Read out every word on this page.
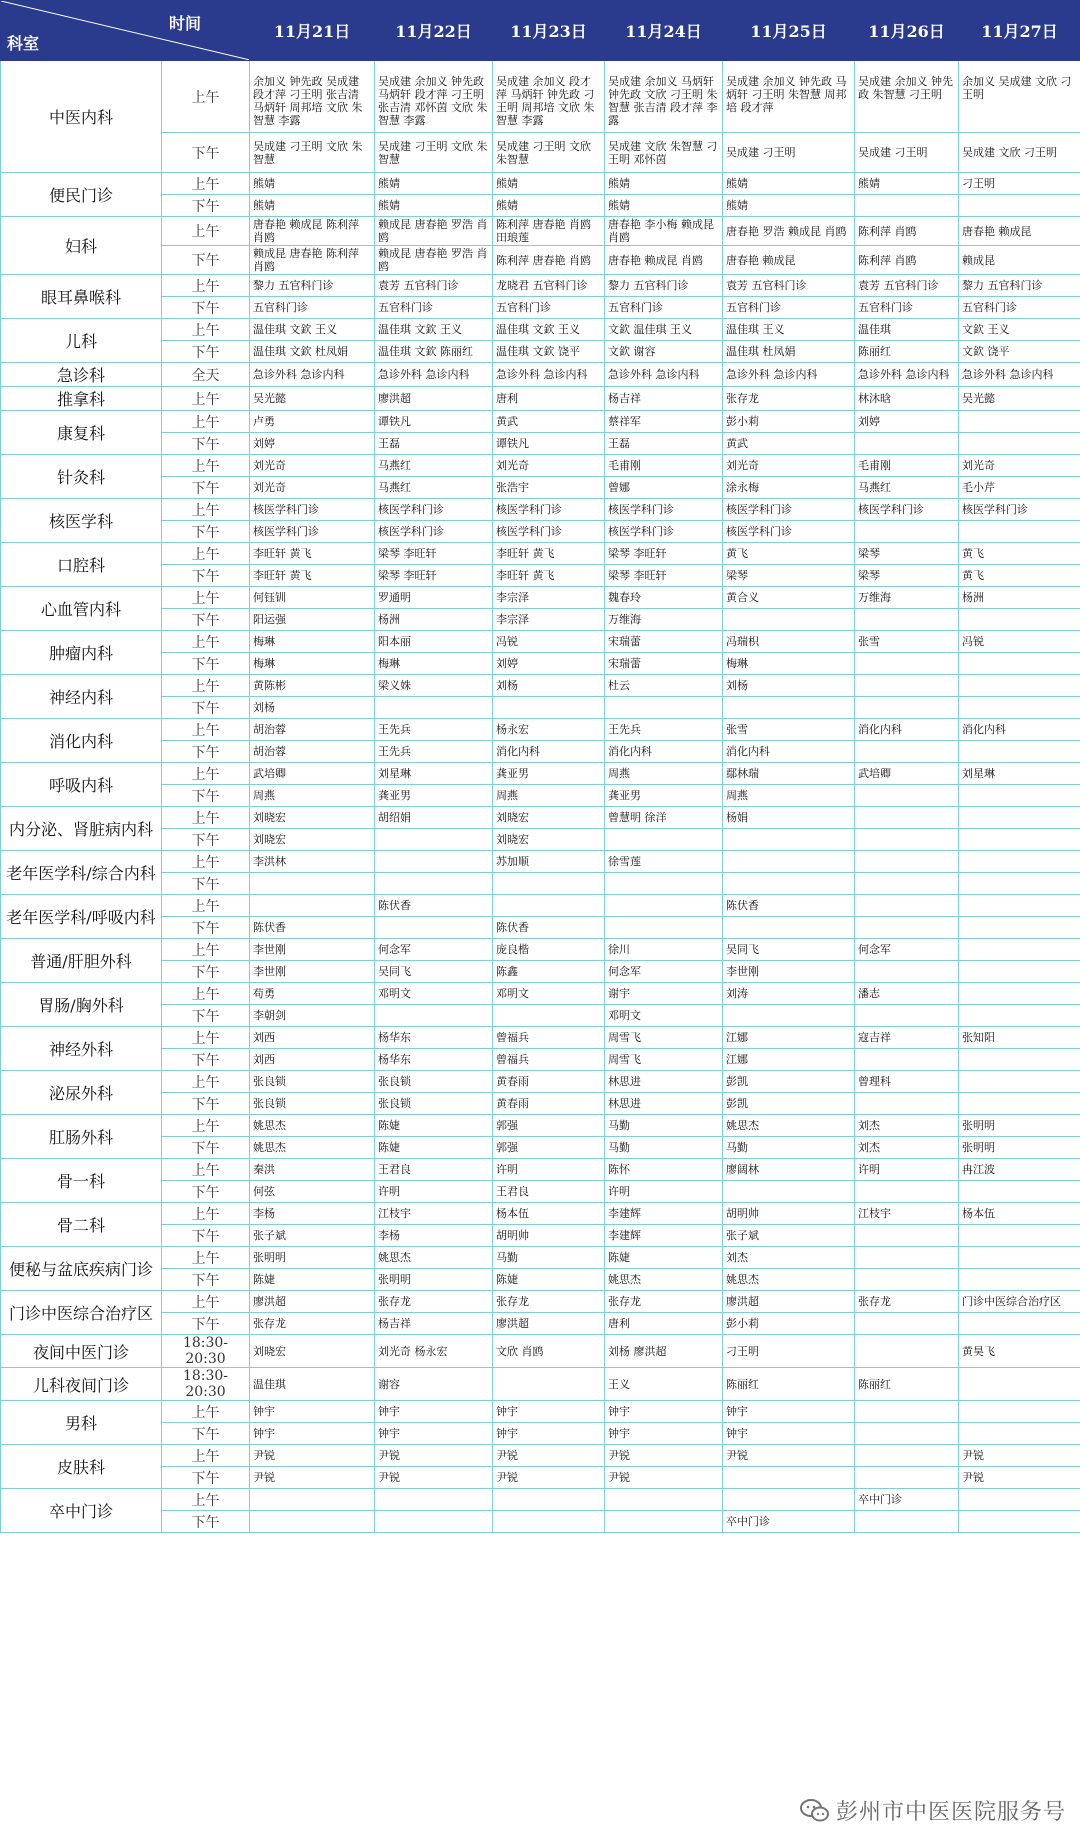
时间
科室		11月21日	11月22日	11月23日	11月24日	11月25日	11月26日	11月27日
中医内科	上午	余加义 钟先政 吴成建 段才萍 刁王明 张吉清 马炳轩 周邦培 文欣 朱智慧 李露	吴成建 余加义 钟先政 马炳轩 段才萍 刁王明 张吉清 邓怀茵 文欣 朱智慧 李露	吴成建 余加义 段才萍 马炳轩 钟先政 刁王明 周邦培 文欣 朱智慧 李露	吴成建 余加义 马炳轩 钟先政 文欣 刁王明 朱智慧 张吉清 段才萍 李露	吴成建 余加义 钟先政 马炳轩 刁王明 朱智慧 周邦培 段才萍	吴成建 余加义 钟先政 朱智慧 刁王明	余加义 吴成建 文欣 刁王明
	下午	吴成建 刁王明 文欣 朱智慧	吴成建 刁王明 文欣 朱智慧	吴成建 刁王明 文欣 朱智慧	吴成建 文欣 朱智慧 刁王明 邓怀茵	吴成建 刁王明	吴成建 刁王明	吴成建 文欣 刁王明
便民门诊	上午	熊婧	熊婧	熊婧	熊婧	熊婧	熊婧	刁王明
	下午	熊婧	熊婧	熊婧	熊婧	熊婧		
妇科	上午	唐春艳 赖成昆 陈利萍 肖鸥	赖成昆 唐春艳 罗浩 肖鸥	陈利萍 唐春艳 肖鸥 田琅莲	唐春艳 李小梅 赖成昆 肖鸥	唐春艳 罗浩 赖成昆 肖鸥	陈利萍 肖鸥	唐春艳 赖成昆
	下午	赖成昆 唐春艳 陈利萍 肖鸥	赖成昆 唐春艳 罗浩 肖鸥	陈利萍 唐春艳 肖鸥	唐春艳 赖成昆 肖鸥	唐春艳 赖成昆	陈利萍 肖鸥	赖成昆
眼耳鼻喉科	上午	黎力 五官科门诊	袁芳 五官科门诊	龙晓君 五官科门诊	黎力 五官科门诊	袁芳 五官科门诊	袁芳 五官科门诊	黎力 五官科门诊
	下午	五官科门诊	五官科门诊	五官科门诊	五官科门诊	五官科门诊	五官科门诊	五官科门诊
儿科	上午	温佳琪 文欽 王义	温佳琪 文欽 王义	温佳琪 文欽 王义	文欽 温佳琪 王义	温佳琪 王义	温佳琪	文欽 王义
	下午	温佳琪 文欽 杜凤娟	温佳琪 文欽 陈丽红	温佳琪 文欽 饶平	文欽 谢容	温佳琪 杜凤娟	陈丽红	文欽 饶平
急诊科	全天	急诊外科 急诊内科	急诊外科 急诊内科	急诊外科 急诊内科	急诊外科 急诊内科	急诊外科 急诊内科	急诊外科 急诊内科	急诊外科 急诊内科
推拿科	上午	吴光懿	廖洪超	唐利	杨吉祥	张存龙	林沐晗	吴光懿
康复科	上午	卢勇	谭铁凡	黄武	蔡祥军	彭小莉	刘婷	
	下午	刘婷	王磊	谭铁凡	王磊	黄武		
针灸科	上午	刘光奇	马燕红	刘光奇	毛甫刚	刘光奇	毛甫刚	刘光奇
	下午	刘光奇	马燕红	张浩宇	曾娜	涂永梅	马燕红	毛小芹
核医学科	上午	核医学科门诊	核医学科门诊	核医学科门诊	核医学科门诊	核医学科门诊	核医学科门诊	核医学科门诊
	下午	核医学科门诊	核医学科门诊	核医学科门诊	核医学科门诊	核医学科门诊		
口腔科	上午	李旺轩 黄飞	梁琴 李旺轩	李旺轩 黄飞	梁琴 李旺轩	黄飞	梁琴	黄飞
	下午	李旺轩 黄飞	梁琴 李旺轩	李旺轩 黄飞	梁琴 李旺轩	梁琴	梁琴	黄飞
心血管内科	上午	何钰钏	罗通明	李宗泽	魏春玲	黄合义	万维海	杨洲
	下午	阳运强	杨洲	李宗泽	万维海			
肿瘤内科	上午	梅琳	阳本丽	冯锐	宋瑞蕾	冯瑞枳	张雪	冯锐
	下午	梅琳	梅琳	刘婷	宋瑞蕾	梅琳		
神经内科	上午	黄陈彬	梁义姝	刘杨	杜云	刘杨		
	下午	刘杨						
消化内科	上午	胡治蓉	王先兵	杨永宏	王先兵	张雪	消化内科	消化内科
	下午	胡治蓉	王先兵	消化内科	消化内科	消化内科		
呼吸内科	上午	武培卿	刘星琳	龚亚男	周燕	鄢林瑞	武培卿	刘星琳
	下午	周燕	龚亚男	周燕	龚亚男	周燕		
内分泌、肾脏病内科	上午	刘晓宏	胡绍娟	刘晓宏	曾慧明 徐洋	杨娟		
	下午	刘晓宏		刘晓宏				
老年医学科/综合内科	上午	李洪林		苏加顺	徐雪莲			
	下午							
老年医学科/呼吸内科	上午		陈伏香			陈伏香		
	下午	陈伏香		陈伏香				
普通/肝胆外科	上午	李世刚	何念军	庞良楷	徐川	吴同飞	何念军	
	下午	李世刚	吴同飞	陈鑫	何念军	李世刚		
胃肠/胸外科	上午	苟勇	邓明文	邓明文	谢宇	刘涛	潘志	
	下午	李朝剑			邓明文			
神经外科	上午	刘西	杨华东	曾福兵	周雪飞	江娜	寇吉祥	张知阳
	下午	刘西	杨华东	曾福兵	周雪飞	江娜		
泌尿外科	上午	张良锁	张良锁	黄春雨	林思进	彭凯	曾理科	
	下午	张良锁	张良锁	黄春雨	林思进	彭凯		
肛肠外科	上午	姚思杰	陈婕	郭强	马勤	姚思杰	刘杰	张明明
	下午	姚思杰	陈婕	郭强	马勤	马勤	刘杰	张明明
骨一科	上午	秦洪	王君良	许明	陈怀	廖阔林	许明	冉江波
	下午	何弦	许明	王君良	许明			
骨二科	上午	李杨	江枝宇	杨本伍	李建辉	胡明帅	江枝宇	杨本伍
	下午	张子斌	李杨	胡明帅	李建辉	张子斌		
便秘与盆底疾病门诊	上午	张明明	姚思杰	马勤	陈婕	刘杰		
	下午	陈婕	张明明	陈婕	姚思杰	姚思杰		
门诊中医综合治疗区	上午	廖洪超	张存龙	张存龙	张存龙	廖洪超	张存龙	门诊中医综合治疗区
	下午	张存龙	杨吉祥	廖洪超	唐利	彭小莉		
夜间中医门诊	18:30-20:30	刘晓宏	刘光奇 杨永宏	文欣 肖鸥	刘杨 廖洪超	刁王明		黄昊飞
儿科夜间门诊	18:30-20:30	温佳琪	谢容		王义	陈丽红	陈丽红	
男科	上午	钟宇	钟宇	钟宇	钟宇	钟宇		
	下午	钟宇	钟宇	钟宇	钟宇	钟宇		
皮肤科	上午	尹锐	尹锐	尹锐	尹锐	尹锐		尹锐
	下午	尹锐	尹锐	尹锐	尹锐			尹锐
卒中门诊	上午						卒中门诊	
	下午					卒中门诊		
彭州市中医医院服务号
